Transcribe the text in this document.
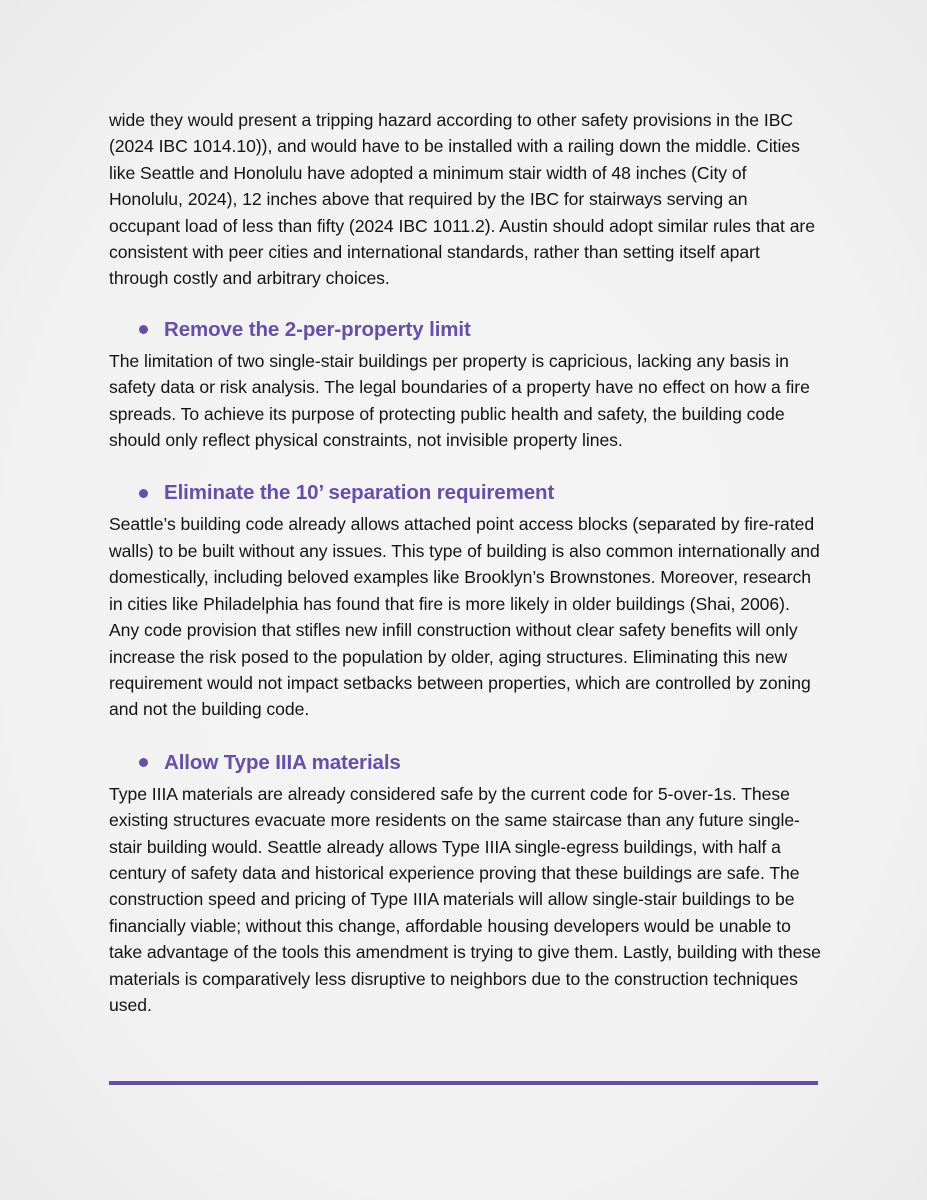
wide they would present a tripping hazard according to other safety provisions in the IBC (2024 IBC 1014.10)), and would have to be installed with a railing down the middle. Cities like Seattle and Honolulu have adopted a minimum stair width of 48 inches (City of Honolulu, 2024), 12 inches above that required by the IBC for stairways serving an occupant load of less than fifty (2024 IBC 1011.2). Austin should adopt similar rules that are consistent with peer cities and international standards, rather than setting itself apart through costly and arbitrary choices.

Remove the 2-per-property limit

The limitation of two single-stair buildings per property is capricious, lacking any basis in safety data or risk analysis. The legal boundaries of a property have no effect on how a fire spreads. To achieve its purpose of protecting public health and safety, the building code should only reflect physical constraints, not invisible property lines.

Eliminate the 10’ separation requirement

Seattle’s building code already allows attached point access blocks (separated by fire-rated walls) to be built without any issues. This type of building is also common internationally and domestically, including beloved examples like Brooklyn’s Brownstones. Moreover, research in cities like Philadelphia has found that fire is more likely in older buildings (Shai, 2006). Any code provision that stifles new infill construction without clear safety benefits will only increase the risk posed to the population by older, aging structures. Eliminating this new requirement would not impact setbacks between properties, which are controlled by zoning and not the building code.

Allow Type IIIA materials

Type IIIA materials are already considered safe by the current code for 5-over-1s. These existing structures evacuate more residents on the same staircase than any future single-stair building would. Seattle already allows Type IIIA single-egress buildings, with half a century of safety data and historical experience proving that these buildings are safe. The construction speed and pricing of Type IIIA materials will allow single-stair buildings to be financially viable; without this change, affordable housing developers would be unable to take advantage of the tools this amendment is trying to give them. Lastly, building with these materials is comparatively less disruptive to neighbors due to the construction techniques used.
